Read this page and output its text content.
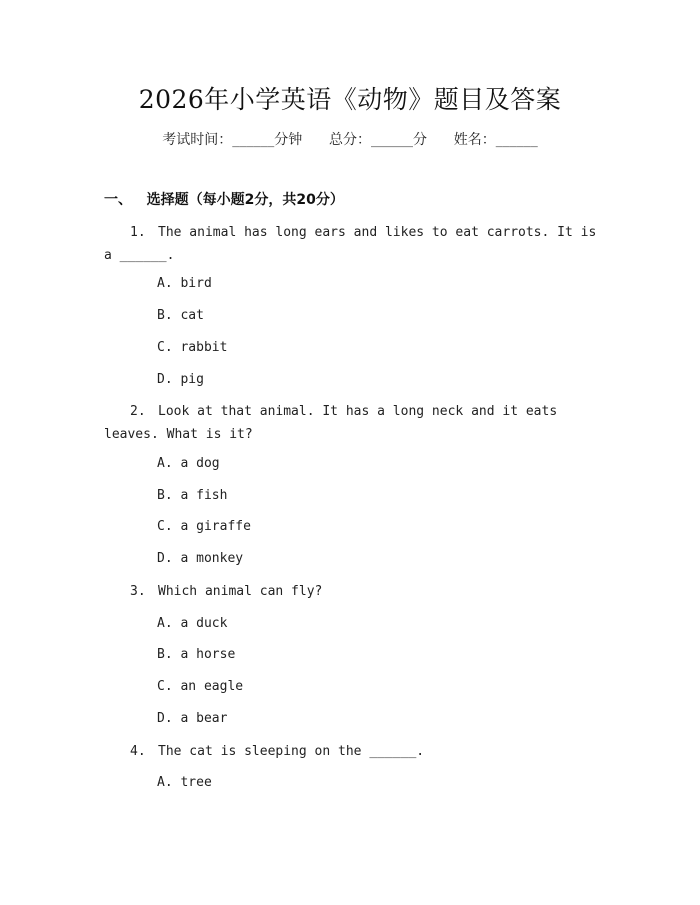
2026年小学英语《动物》题目及答案
考试时间：______分钟 总分：______分 姓名：______
一、 选择题（每小题2分，共20分）
1. The animal has long ears and likes to eat carrots. It is a ______.
A. bird
B. cat
C. rabbit
D. pig
2. Look at that animal. It has a long neck and it eats leaves. What is it?
A. a dog
B. a fish
C. a giraffe
D. a monkey
3. Which animal can fly?
A. a duck
B. a horse
C. an eagle
D. a bear
4. The cat is sleeping on the ______.
A. tree
